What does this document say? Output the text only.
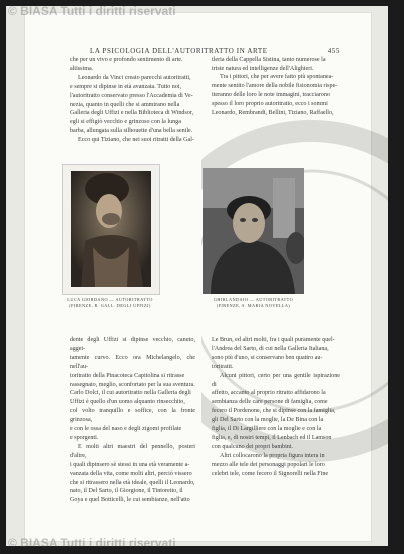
© BIASA Tutti i diritti riservati
© BIASA Tutti i diritti riservati
LA PSICOLOGIA DELL'AUTORITRATTO IN ARTE	455

che per un vivo e profondo sentimento di arte.

altissima.

Leonardo da Vinci creato parecchi autoritratti,

e sempre si dipinse in età avanzata. Tutto noi,

l'autoritratto conservato presso l'Accademia di Ve-

nezia, quanto in quelli che si ammirano nella

Galleria degli Uffizi e nella Biblioteca di Windsor,

egli si effigiò vecchio e grinzoso con la lunga

barba, allungata sulla silhouette d'una bella senile.

Ecco qui Tiziano, che nei suoi ritratti della Gal-

tleria della Cappella Sistina, tanto numerose la

triste natura ed intelligenze dell'Alighieri.

Tra i pittori, che per avere fatto più spontanea-

mente sentito l'amore della nobile fisionomia rispe-

tteranno delle loro le note immagini, tracciarono

spesso il loro proprio autoritratto, ecco i sommi

Leonardo, Rembrandt, Bellini, Tiziano, Raffaello,

LUCA GIORDANO — AUTORITRATTO
(FIRENZE, R. GALL. DEGLI UFFIZI)
GHIRLANDAIO — AUTORITRATTO
(FIRENZE, S. MARIA NOVELLA)

dente degli Uffizi si dipinse vecchio, canuto, agget-

tamente curvo. Ecco ora Michelangelo, che nell'au-

toritratto della Pinacoteca Capitolina si ritrasse

rassegnato, meglio, sconfortato per la sua sventura.

Carlo Dolci, il cui autoritratto nella Galleria degli

Uffizi è quello d'un uomo alquanto rinsecchito,

col volto tranquillo e soffice, con la fronte grinzosa,

e con le ossa del naso e degli zigomi profilate

e sporgenti.

E molti altri maestri del pennello, posteri d'altre,

i quali dipinsero sè stessi in una età veramente a-

vanzata della vita, come molti altri, perciò vissero

che si ritrassero nella età ideale, quelli il Leonardo,

nato, il Del Sarto, il Giorgione, il Tintoretto, il

Goya e quel Botticelli, le cui sembianze, nell'atto

Le Brun, ed altri molti, fra i quali puramente quel-

l'Andrea del Sarto, di cui nella Galleria Italiana,

sono più d'uno, si conservano ben quattro au-

toritratti.

Alcuni pittori, certo per una gentile ispirazione di

affetto, accanto al proprio ritratto affidarono la

sembianza delle care persone di famiglia, come

fecero il Pordenone, che si dipinse con la famiglia,

gli Del Sarto con la moglie, la De Bina con la

figlia, il Di Largilliere con la moglie e con la

figlia, e, di nostri tempi, il Lenbach ed il Lamson

con qualcuno dei propri bambini.

Altri collocarono la propria figura intera in

mezzo alle tele dei personaggi popolari le loro

celebri tele, come fecero il Signorelli nella Fine
